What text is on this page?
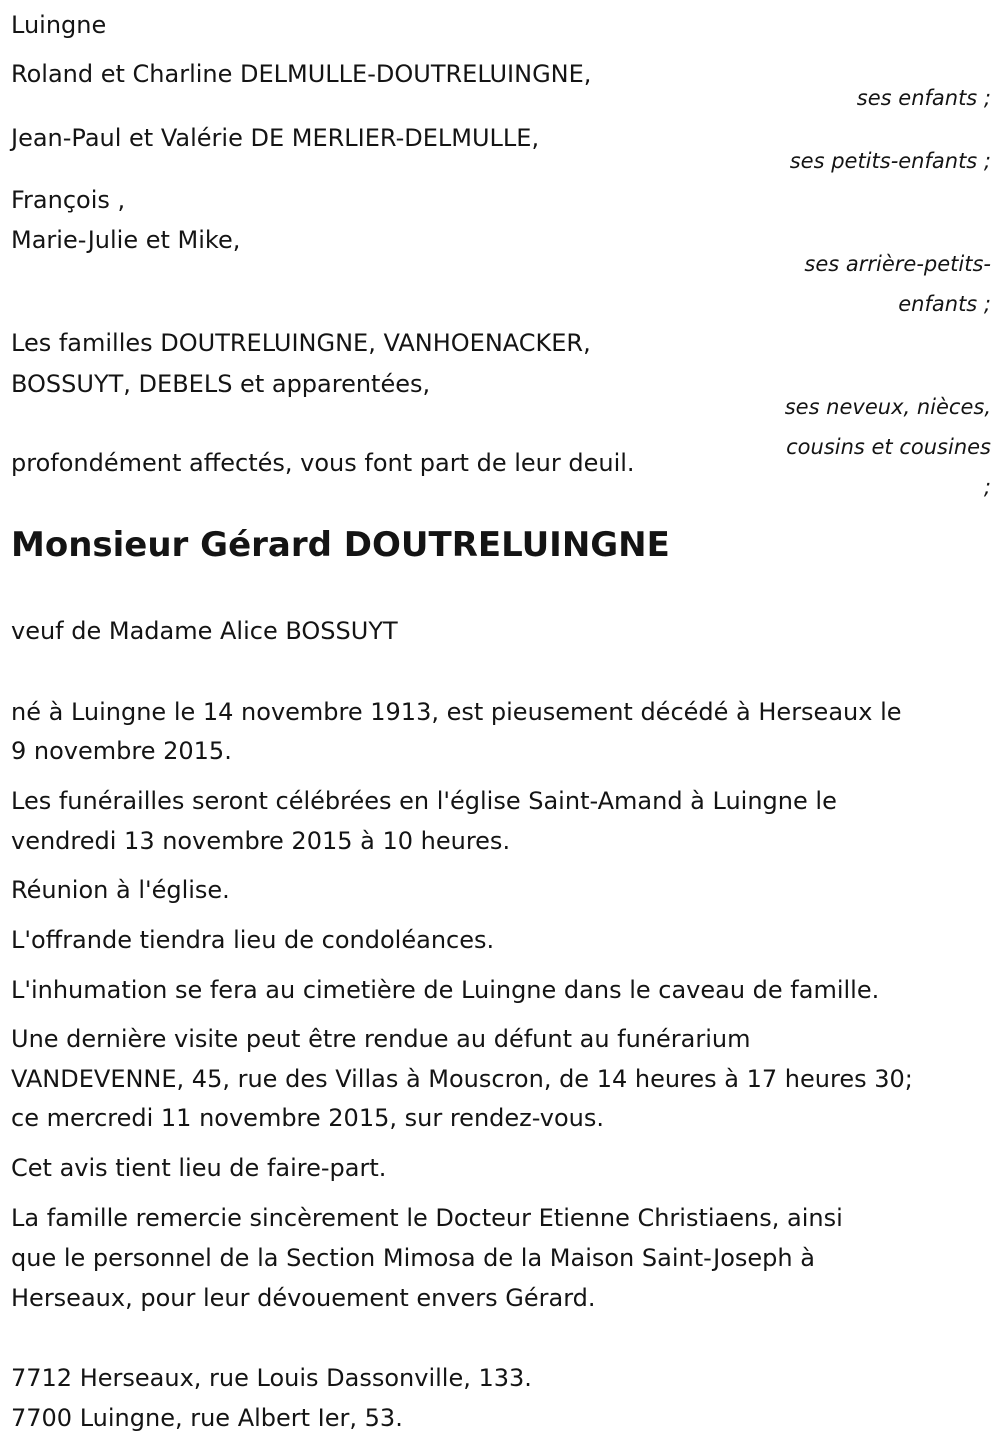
Luingne
Roland et Charline DELMULLE-DOUTRELUINGNE,
Jean-Paul et Valérie DE MERLIER-DELMULLE,
François ,
Marie-Julie et Mike,
Les familles DOUTRELUINGNE, VANHOENACKER,
BOSSUYT, DEBELS et apparentées,
profondément affectés, vous font part de leur deuil.
ses enfants ;
ses petits-enfants ;
ses arrière-petits-
enfants ;
ses neveux, nièces,
cousins et cousines
;
Monsieur Gérard DOUTRELUINGNE
veuf de Madame Alice BOSSUYT
né à Luingne le 14 novembre 1913, est pieusement décédé à Herseaux le
9 novembre 2015.
Les funérailles seront célébrées en l'église Saint-Amand à Luingne le
vendredi 13 novembre 2015 à 10 heures.
Réunion à l'église.
L'offrande tiendra lieu de condoléances.
L'inhumation se fera au cimetière de Luingne dans le caveau de famille.
Une dernière visite peut être rendue au défunt au funérarium
VANDEVENNE, 45, rue des Villas à Mouscron, de 14 heures à 17 heures 30;
ce mercredi 11 novembre 2015, sur rendez-vous.
Cet avis tient lieu de faire-part.
La famille remercie sincèrement le Docteur Etienne Christiaens, ainsi
que le personnel de la Section Mimosa de la Maison Saint-Joseph à
Herseaux, pour leur dévouement envers Gérard.
7712 Herseaux, rue Louis Dassonville, 133.
7700 Luingne, rue Albert Ier, 53.
